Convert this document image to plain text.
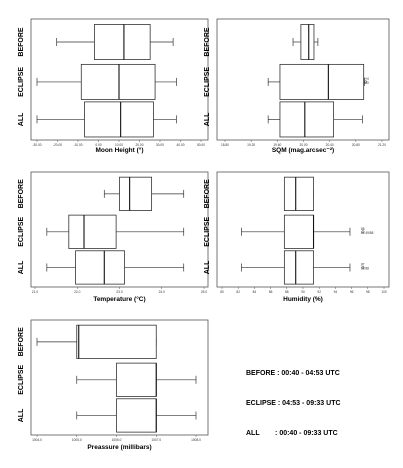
BEFORE
ECLIPSE
ALL
-30.00	-20.00	-10.00	0.00	10.00	20.00	30.00	40.00	50.00
Moon Height (°)
BEFORE
ECLIPSE
ALL
0+0
000
18.80	19.20	19.60	20.00	20.40	20.80	21.20
SQM (mag.arcsec⁻²)
BEFORE
ECLIPSE
ALL
21.0	22.0	23.0	24.0	25.0
Temperature (°C)
BEFORE
ECLIPSE
ALL
88
84 49/88
87
88 88
80	82	84	86	88	90	92	94	96	98	100
Humidity (%)
BEFORE
ECLIPSE
ALL
1004.0	1005.0	1006.0	1007.0	1008.0
Preassure (millibars)

BEFORE : 00:40 - 04:53 UTC

ECLIPSE : 04:53 - 09:33 UTC

ALL        : 00:40 - 09:33 UTC
